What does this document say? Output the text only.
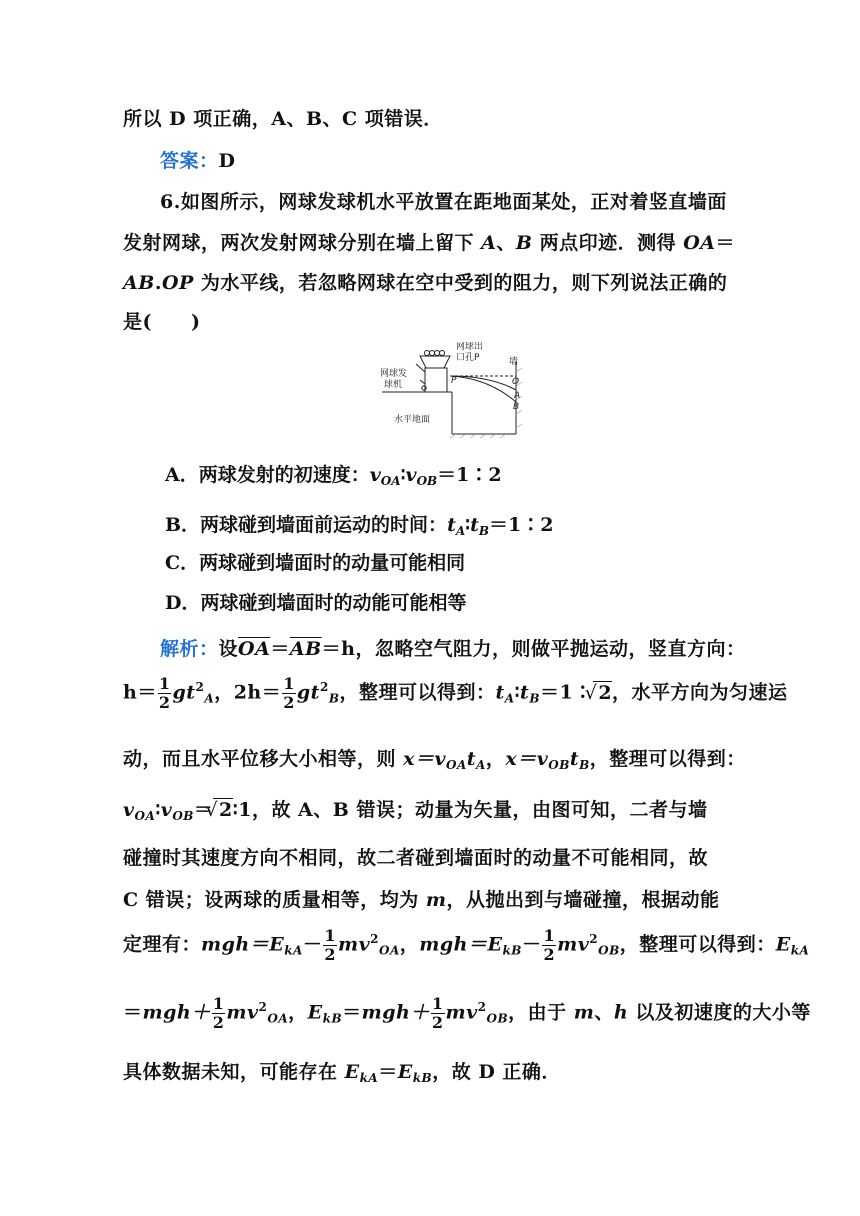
所以 D 项正确，A、B、C 项错误．
答案：D
6.如图所示，网球发球机水平放置在距地面某处，正对着竖直墙面
发射网球，两次发射网球分别在墙上留下 A、B 两点印迹．测得 OA＝
AB.OP 为水平线，若忽略网球在空中受到的阻力，则下列说法正确的
是(　　)
网球发
球机
网球出
口孔P	墙
P	O
A
B
水平地面
A．两球发射的初速度：$v_{OA}∶v_{OB}=1∶2$
B．两球碰到墙面前运动的时间：$t_A∶t_B=1∶2$
C．两球碰到墙面时的动量可能相同
D．两球碰到墙面时的动能可能相等
解析：设$\overline{OA}=\overline{AB}=h$，忽略空气阻力，则做平抛运动，竖直方向：
$h= \frac{1}{2} gt^2_A$，$2h= \frac{1}{2} gt^2_B$，整理可以得到：$t_A∶t_B=1∶$ √ 2，水平方向为匀速运
动，而且水平位移大小相等，则 $x=v_{OA}t_A$，$x=v_{OB}t_B$，整理可以得到：
$v_{OA}∶v_{OB}=$ √ 2∶1，故 A、B 错误；动量为矢量，由图可知，二者与墙
碰撞时其速度方向不相同，故二者碰到墙面时的动量不可能相同，故
C 错误；设两球的质量相等，均为 m，从抛出到与墙碰撞，根据动能
定理有：$mgh=E_{kA}- \frac{1}{2} mv^2_{OA}$，$mgh=E_{kB}- \frac{1}{2} mv^2_{OB}$，整理可以得到：$E_{kA}$
$=mgh+ \frac{1}{2} mv^2_{OA}$，$E_{kB}=mgh+ \frac{1}{2} mv^2_{OB}$，由于 m、h 以及初速度的大小等
具体数据未知，可能存在 $E_{kA}=E_{kB}$，故 D 正确．
